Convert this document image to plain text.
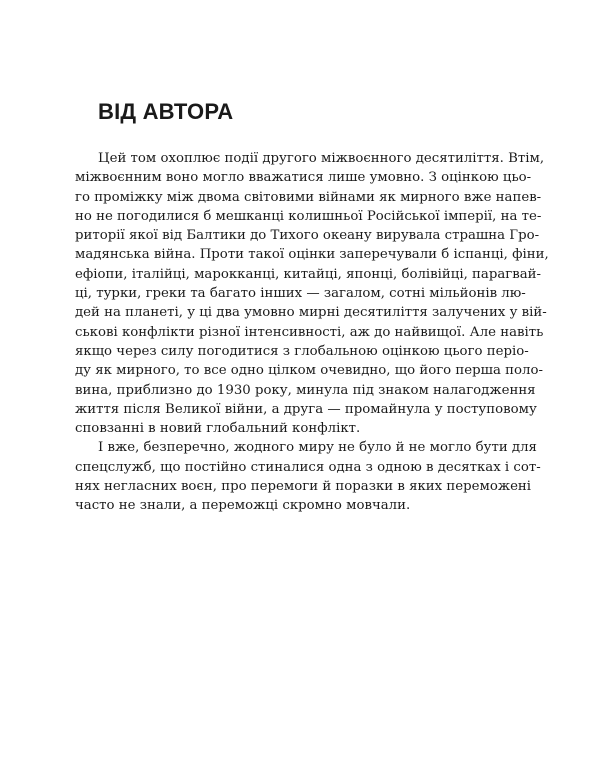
ВІД АВТОРА
Цей том охоплює події другого міжвоєнного десятиліття. Втім,
міжвоєнним воно могло вважатися лише умовно. З оцінкою цьо-
го проміжку між двома світовими війнами як мирного вже напев-
но не погодилися б мешканці колишньої Російської імперії, на те-
риторії якої від Балтики до Тихого океану вирувала страшна Гро-
мадянська війна. Проти такої оцінки заперечували б іспанці, фіни,
ефіопи, італійці, марокканці, китайці, японці, болівійці, парагвай-
ці, турки, греки та багато інших — загалом, сотні мільйонів лю-
дей на планеті, у ці два умовно мирні десятиліття залучених у вій-
ськові конфлікти різної інтенсивності, аж до найвищої. Але навіть
якщо через силу погодитися з глобальною оцінкою цього періо-
ду як мирного, то все одно цілком очевидно, що його перша поло-
вина, приблизно до 1930 року, минула під знаком налагодження
життя після Великої війни, а друга — промайнула у поступовому
сповзанні в новий глобальний конфлікт.
І вже, безперечно, жодного миру не було й не могло бути для
спецслужб, що постійно стиналися одна з одною в десятках і сот-
нях негласних воєн, про перемоги й поразки в яких переможені
часто не знали, а переможці скромно мовчали.
